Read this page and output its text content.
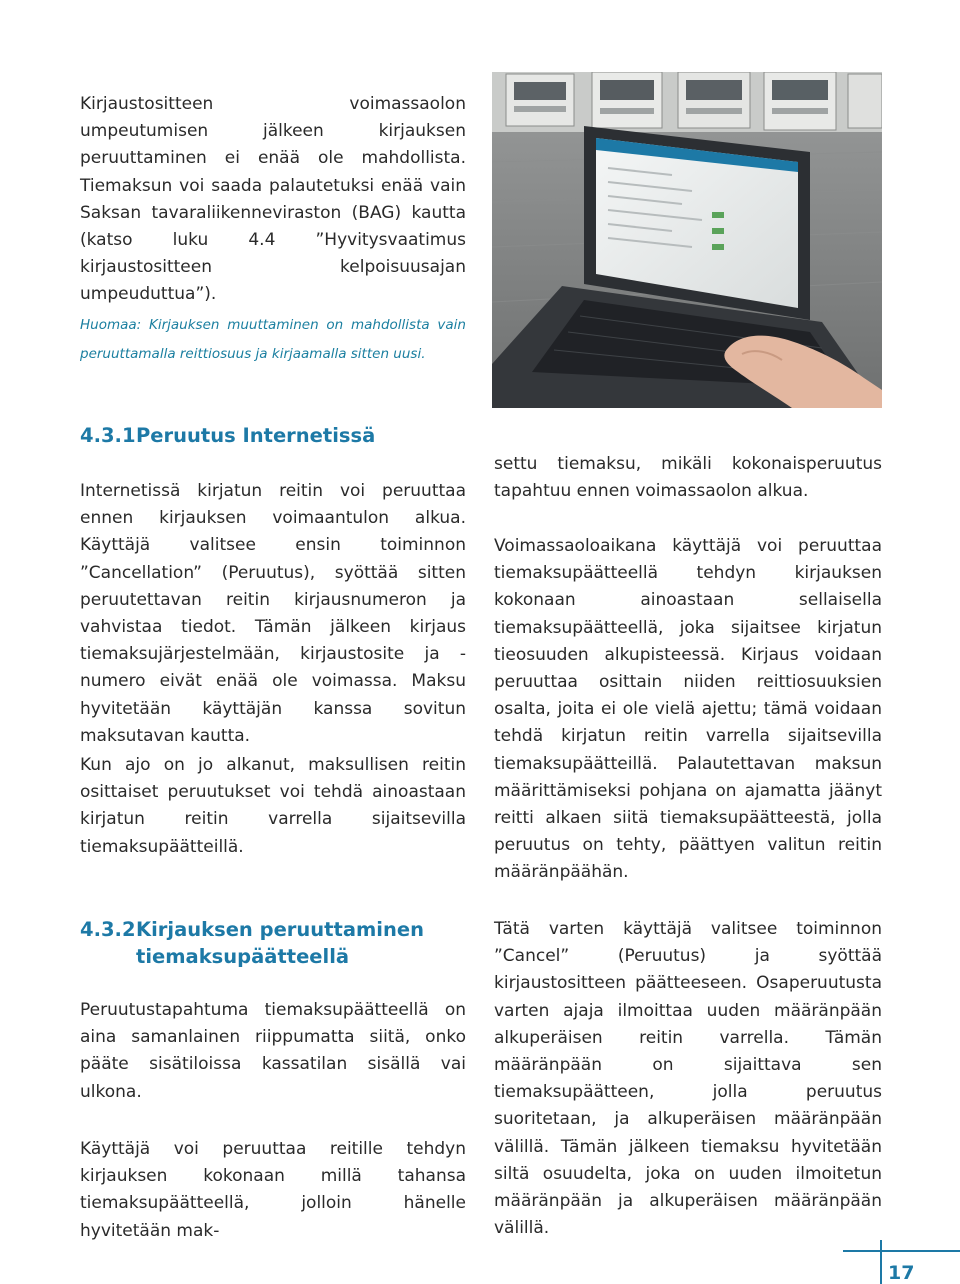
Kirjaustositteen voimassaolon umpeutumisen jälkeen kirjauksen peruuttaminen ei enää ole mahdollista. Tiemaksun voi saada palautetuksi enää vain Saksan tavaraliikenneviraston (BAG) kautta (katso luku 4.4 ”Hyvitysvaatimus kirjaustositteen kelpoisuusajan umpeuduttua”).

Huomaa: Kirjauksen muuttaminen on mahdollista vain peruuttamalla reittiosuus ja kirjaamalla sitten uusi.

4.3.1Peruutus Internetissä

Internetissä kirjatun reitin voi peruuttaa ennen kirjauksen voimaantulon alkua. Käyttäjä valitsee ensin toiminnon ”Cancellation” (Peruutus), syöttää sitten peruutettavan reitin kirjausnumeron ja vahvistaa tiedot. Tämän jälkeen kirjaus tiemaksujärjestelmään, kirjaustosite ja -numero eivät enää ole voimassa. Maksu hyvitetään käyttäjän kanssa sovitun maksutavan kautta.

Kun ajo on jo alkanut, maksullisen reitin osittaiset peruutukset voi tehdä ainoastaan kirjatun reitin varrella sijaitsevilla tiemaksupäätteillä.

4.3.2Kirjauksen peruuttaminen
tiemaksupäätteellä

Peruutustapahtuma tiemaksupäätteellä on aina samanlainen riippumatta siitä, onko pääte sisätiloissa kassatilan sisällä vai ulkona.

Käyttäjä voi peruuttaa reitille tehdyn kirjauksen kokonaan millä tahansa tiemaksupäätteellä, jolloin hänelle hyvitetään mak-

settu tiemaksu, mikäli kokonaisperuutus tapahtuu ennen voimassaolon alkua.

Voimassaoloaikana käyttäjä voi peruuttaa tiemaksupäätteellä tehdyn kirjauksen kokonaan ainoastaan sellaisella tiemaksupäätteellä, joka sijaitsee kirjatun tieosuuden alkupisteessä. Kirjaus voidaan peruuttaa osittain niiden reittiosuuksien osalta, joita ei ole vielä ajettu; tämä voidaan tehdä kirjatun reitin varrella sijaitsevilla tiemaksupäätteillä. Palautettavan maksun määrittämiseksi pohjana on ajamatta jäänyt reitti alkaen siitä tiemaksupäätteestä, jolla peruutus on tehty, päättyen valitun reitin määränpäähän.

Tätä varten käyttäjä valitsee toiminnon ”Cancel” (Peruutus) ja syöttää kirjaustositteen päätteeseen. Osaperuutusta varten ajaja ilmoittaa uuden määränpään alkuperäisen reitin varrella. Tämän määränpään on sijaittava sen tiemaksupäätteen, jolla peruutus suoritetaan, ja alkuperäisen määränpään välillä. Tämän jälkeen tiemaksu hyvitetään siltä osuudelta, joka on uuden ilmoitetun määränpään ja alkuperäisen määränpään välillä.

17
